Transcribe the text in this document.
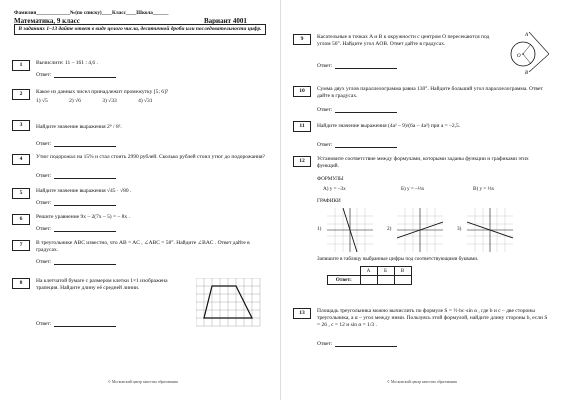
Фамилия_____________№(по списку)____Класс____Школа______
Математика, 9 класс	Вариант 4001
В заданиях 1–13 дайте ответ в виде целого числа, десятичной дроби или последовательности цифр.
1	Вычислите: 11 – 161 : 4,6 .
Ответ:
2	Какое из данных чисел принадлежит промежутку [5; 6]?
1) √5	2) √6	3) √33	4) √31
3	Найдите значение выражения 2⁹ / 8².
Ответ:
4	Утюг подорожал на 15% и стал стоить 2990 рублей. Сколько рублей стоил утюг до подорожания?
Ответ:
5	Найдите значение выражения √45 · √80 .
Ответ:
6	Решите уравнение 9x – 2(7x – 5) = – 8x .
Ответ:
7	В треугольнике ABC известно, что AB = AC , ∠ABC = 58°. Найдите ∠BAC . Ответ дайте в градусах.
Ответ:
8	На клетчатой бумаге с размером клетки 1×1 изображена трапеция. Найдите длину её средней линии.
Ответ:
© Московский центр качества образования
9	Касательные в точках A и B к окружности с центром O пересекаются под углом 56°. Найдите угол AOB. Ответ дайте в градусах.
A
B
O
Ответ:
10	Сумма двух углов параллелограмма равна 130°. Найдите больший угол параллелограмма. Ответ дайте в градусах.
Ответ:
11	Найдите значение выражения (4a² – 9)/(6a – 4a²) при a = –2,5.
Ответ:
12	Установите соответствие между формулами, которыми заданы функции и графиками этих функций.
ФОРМУЛЫ
А) y = –3x	Б) y = –⅓x	В) y = ⅓x
ГРАФИКИ
1)	2)	3)
Запишите в таблицу выбранные цифры под соответствующими буквами.
	А	Б	В
Ответ:			
13	Площадь треугольника можно вычислить по формуле S = ½·bc·sin α , где b и c – две стороны треугольника, а α – угол между ними. Пользуясь этой формулой, найдите длину стороны b, если S = 26 , c = 12 и sin α = 1/3 .
Ответ:
© Московский центр качества образования
